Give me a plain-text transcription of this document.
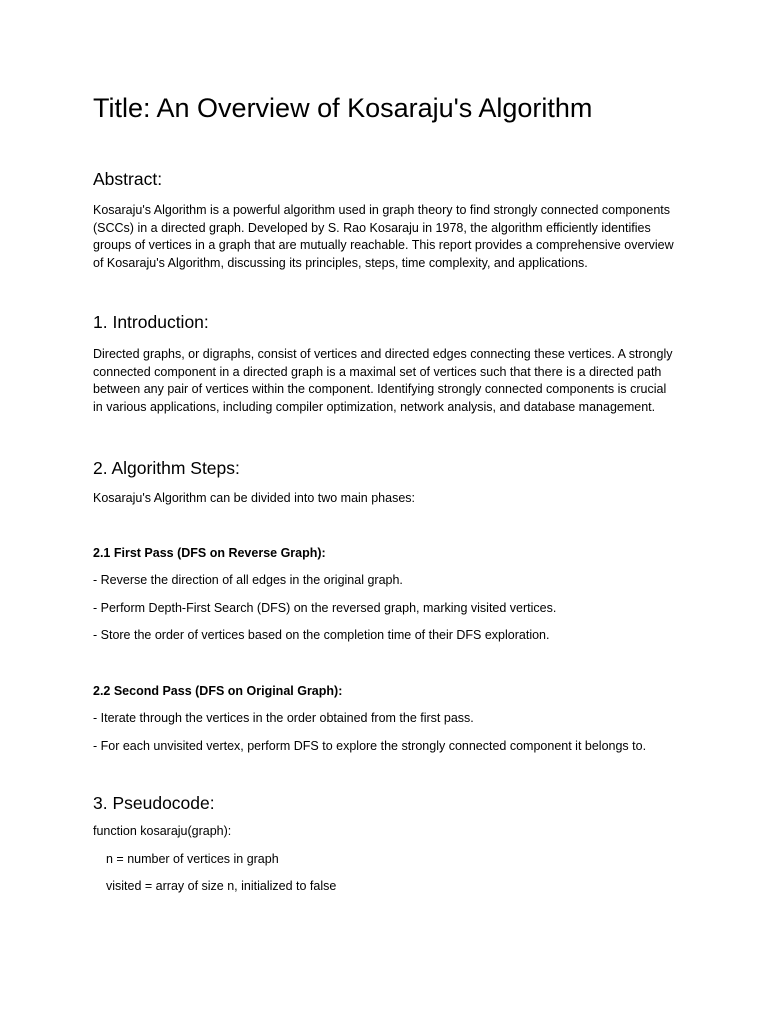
Title: An Overview of Kosaraju's Algorithm
Abstract:

Kosaraju's Algorithm is a powerful algorithm used in graph theory to find strongly connected components (SCCs) in a directed graph. Developed by S. Rao Kosaraju in 1978, the algorithm efficiently identifies groups of vertices in a graph that are mutually reachable. This report provides a comprehensive overview of Kosaraju's Algorithm, discussing its principles, steps, time complexity, and applications.

1. Introduction:

Directed graphs, or digraphs, consist of vertices and directed edges connecting these vertices. A strongly connected component in a directed graph is a maximal set of vertices such that there is a directed path between any pair of vertices within the component. Identifying strongly connected components is crucial in various applications, including compiler optimization, network analysis, and database management.

2. Algorithm Steps:

Kosaraju's Algorithm can be divided into two main phases:

2.1 First Pass (DFS on Reverse Graph):

- Reverse the direction of all edges in the original graph.

- Perform Depth-First Search (DFS) on the reversed graph, marking visited vertices.

- Store the order of vertices based on the completion time of their DFS exploration.

2.2 Second Pass (DFS on Original Graph):

- Iterate through the vertices in the order obtained from the first pass.

- For each unvisited vertex, perform DFS to explore the strongly connected component it belongs to.

3. Pseudocode:

function kosaraju(graph):

n = number of vertices in graph

visited = array of size n, initialized to false
